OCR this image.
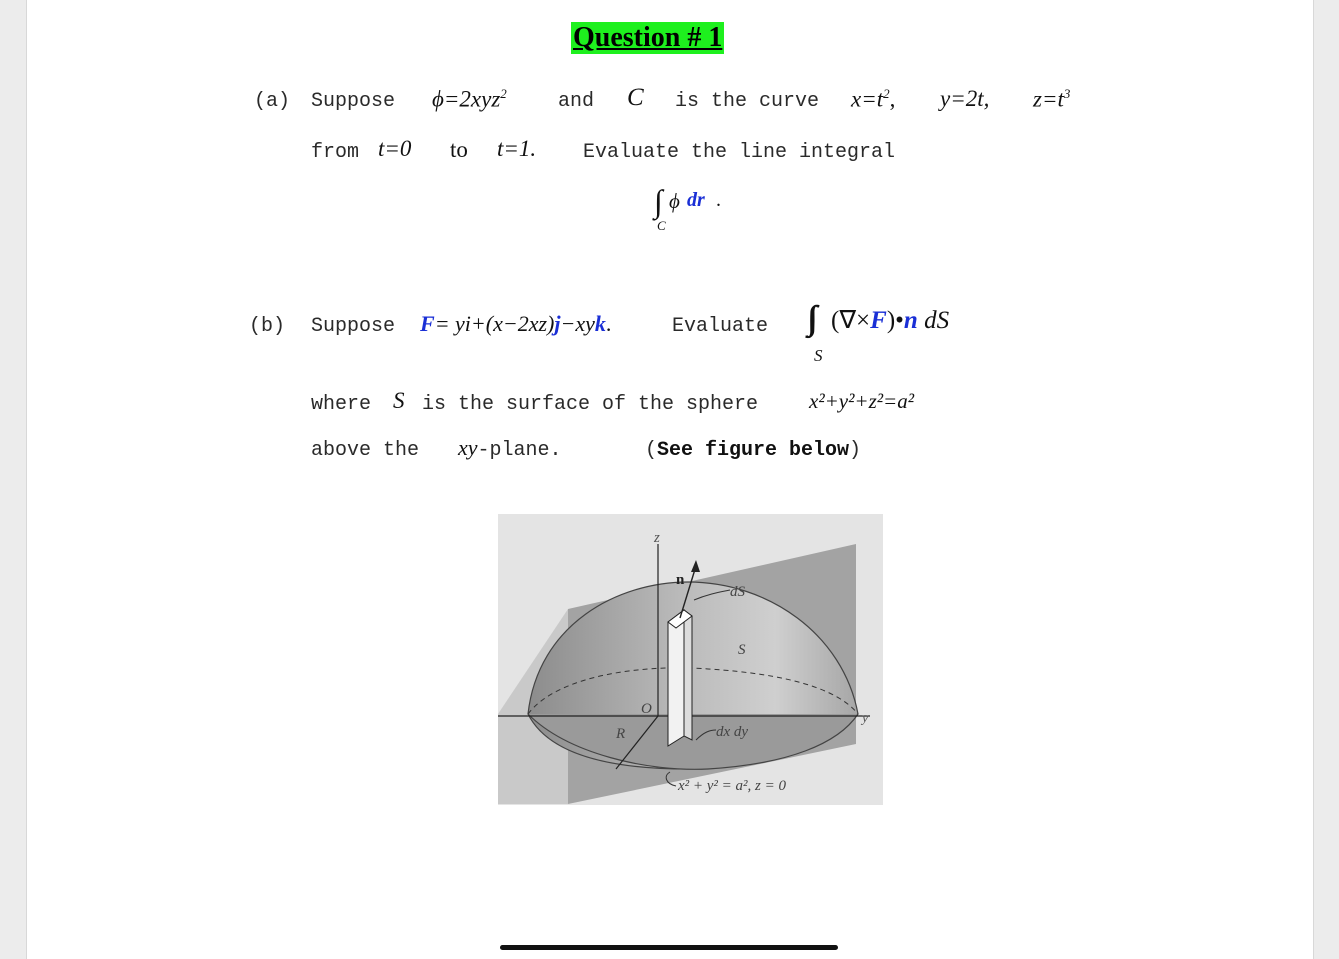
Question # 1
(a) Suppose ϕ=2xyz$^2$	and C is the curve $x=t^2$, y=2t, $z=t^3$
from t=0 to t=1. Evaluate the line integral
∫ ϕ dr .
C
(b) Suppose F= yi+(x−2xz)j−xyk.	Evaluate ∫∫ (∇×F)•n dS
S
where S is the surface of the sphere x²+y²+z²=a²
above the xy-plane.	(See figure below)
z
n
dS
S
O
R	dx dy
y
x² + y² = a², z = 0
